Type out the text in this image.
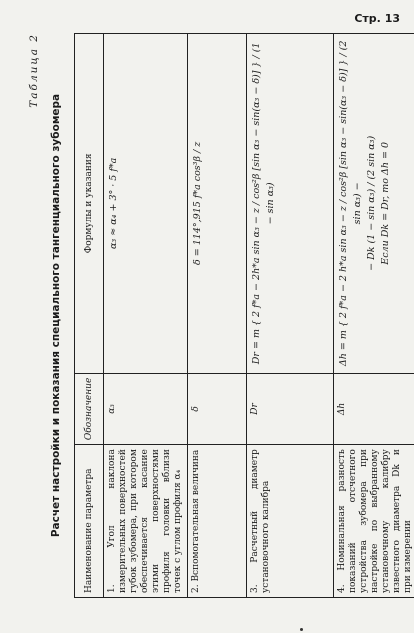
Стр. 13
Таблица 2
Расчет настройки и показания специального тангенциального зубомера	Наименование параметра	Обозначение	Формулы и указания
1. Угол наклона измерительных поверхностей губок зубомера, при котором обеспечивается касание этими поверхностями профиля головки вблизи точек с углом профиля α₄	α₃	α₃ ≈ α₄ + 3° · 5 f*a

2. Вспомогательная величина	δ	δ = 114°,915 f*a cos³β / z

3. Расчетный диаметр установочного калибра	Dr	Dr = m { 2 f*a − 2h*a sin α₃ − z / cos²β [sin α₃ − sin(α₃ − δ)] } / (1 − sin α₃)

4. Номинальная разность показаний отсчетного устройства зубомера при настройке по выбранному установочному калибру известного диаметра Dk и при измерении	Δh	Δh = m { 2 f*a − 2 h*a sin α₃ − z / cos²β [sin α₃ − sin(α₃ − δ)] } / (2 sin α₃) − − Dk (1 − sin α₃) / (2 sin α₃) Если Dk = Dr, то Δh = 0
